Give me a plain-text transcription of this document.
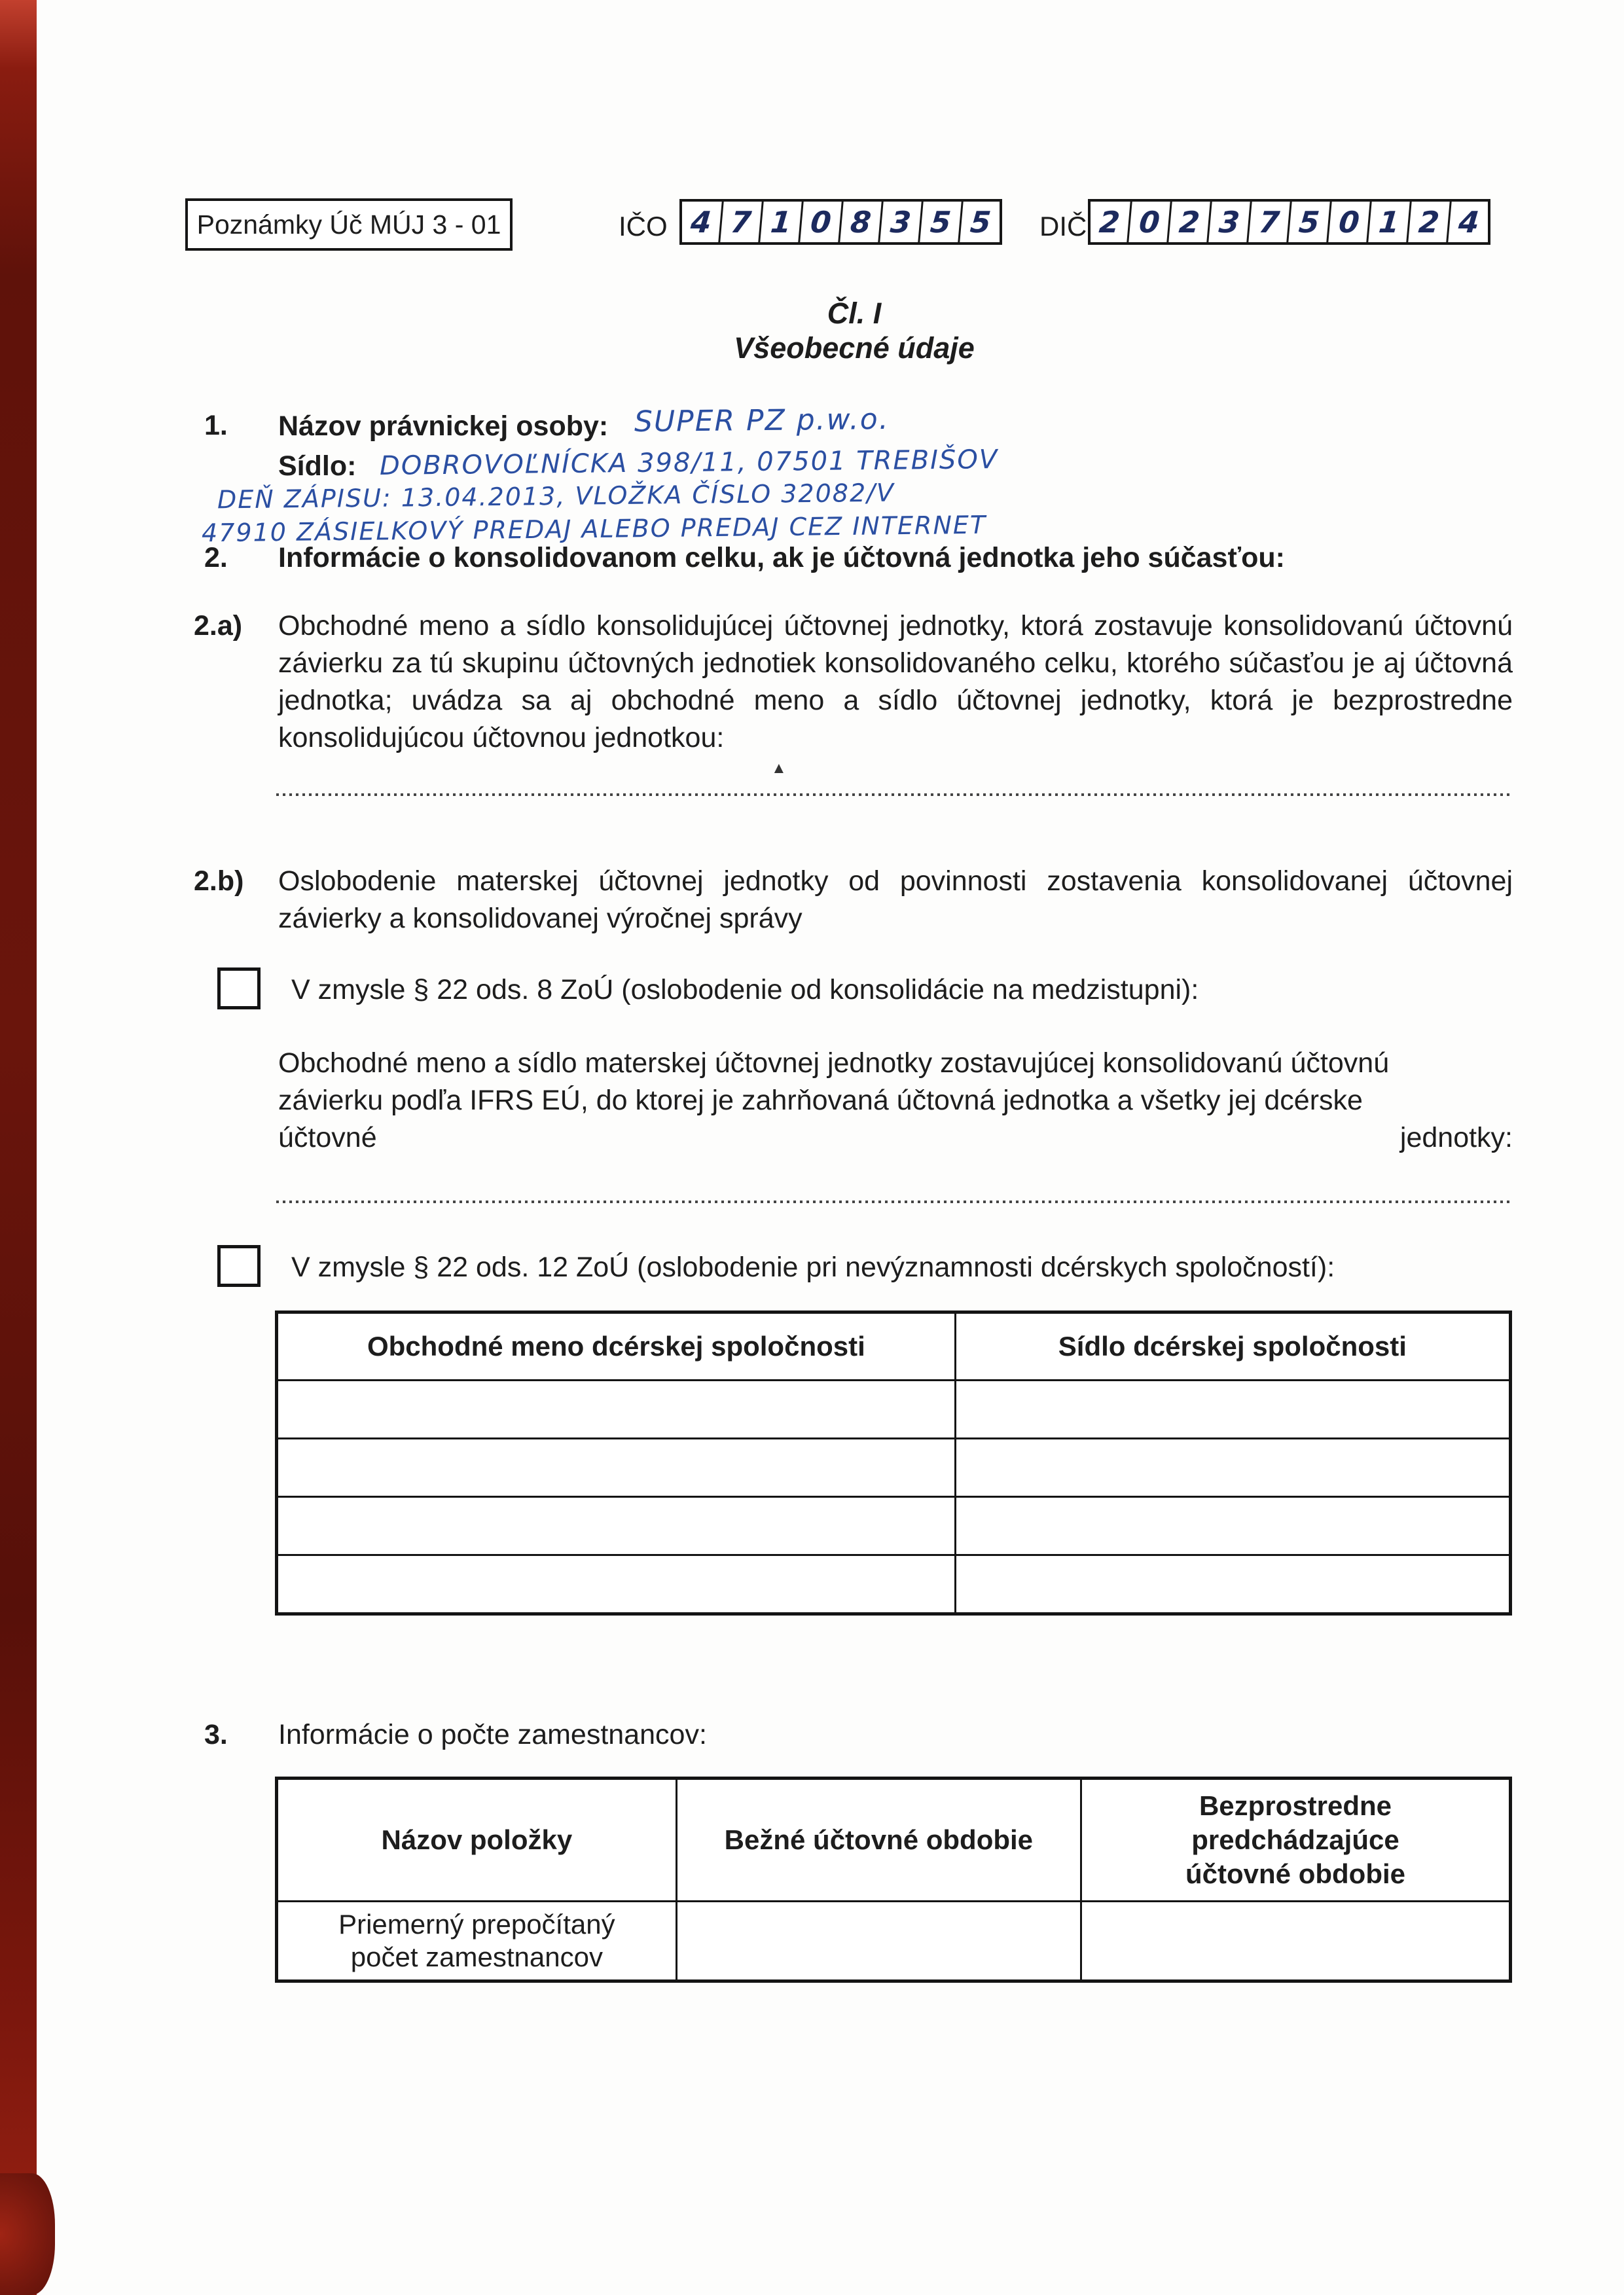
Poznámky Úč MÚJ 3 - 01	IČO 4 7 1 0 8 3 5 5	DIČ 2 0 2 3 7 5 0 1 2 4
Čl. I
Všeobecné údaje
1. Názov právnickej osoby: SUPER PZ p.w.o.
Sídlo: DOBROVOĽNÍCKA 398/11, 07501 TREBIŠOV
DEŇ ZÁPISU: 13.04.2013, VLOŽKA ČÍSLO 32082/V
47910 ZÁSIELKOVÝ PREDAJ ALEBO PREDAJ CEZ INTERNET
2. Informácie o konsolidovanom celku, ak je účtovná jednotka jeho súčasťou:
2.a) Obchodné meno a sídlo konsolidujúcej účtovnej jednotky, ktorá zostavuje konsolidovanú účtovnú závierku za tú skupinu účtovných jednotiek konsolidovaného celku, ktorého súčasťou je aj účtovná jednotka; uvádza sa aj obchodné meno a sídlo účtovnej jednotky, ktorá je bezprostredne konsolidujúcou účtovnou jednotkou:
▲
2.b) Oslobodenie materskej účtovnej jednotky od povinnosti zostavenia konsolidovanej účtovnej závierky a konsolidovanej výročnej správy
V zmysle § 22 ods. 8 ZoÚ (oslobodenie od konsolidácie na medzistupni):
Obchodné meno a sídlo materskej účtovnej jednotky zostavujúcej konsolidovanú účtovnú
závierku podľa IFRS EÚ, do ktorej je zahrňovaná účtovná jednotka a všetky jej dcérske
účtovné	jednotky:
V zmysle § 22 ods. 12 ZoÚ (oslobodenie pri nevýznamnosti dcérskych spoločností):
Obchodné meno dcérskej spoločnosti	Sídlo dcérskej spoločnosti

3. Informácie o počte zamestnancov:
Názov položky	Bežné účtovné obdobie	Bezprostredne predchádzajúce účtovné obdobie
Priemerný prepočítaný počet zamestnancov		
